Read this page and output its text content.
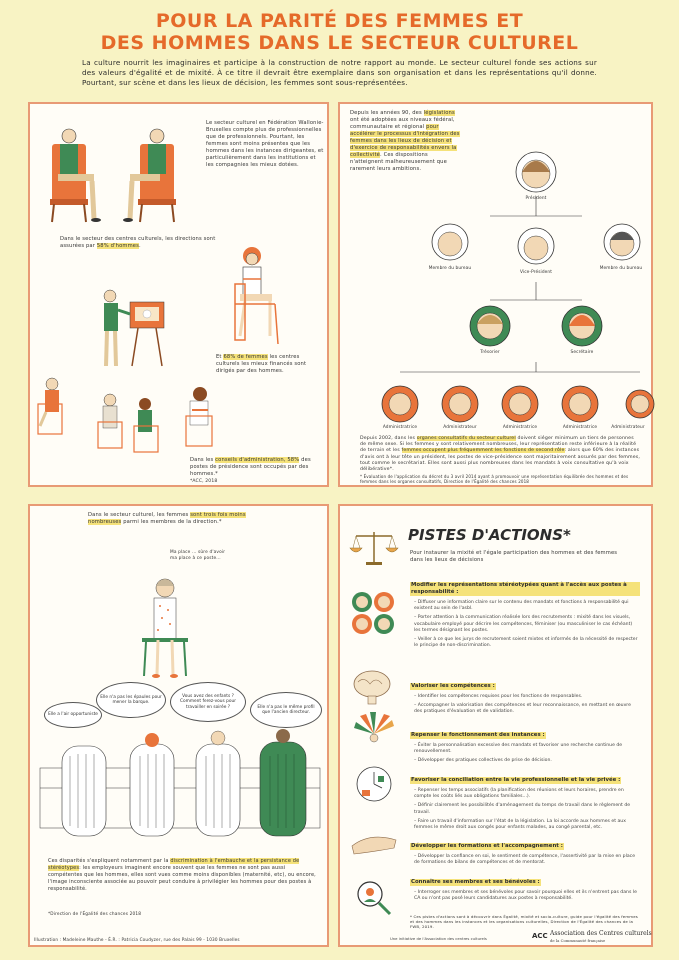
POUR LA PARITÉ DES FEMMES ET
DES HOMMES DANS LE SECTEUR CULTUREL
La culture nourrit les imaginaires et participe à la construction de notre rapport au monde. Le secteur culturel fonde ses actions sur des valeurs d'égalité et de mixité. À ce titre il devrait être exemplaire dans son organisation et dans les représentations qu'il donne. Pourtant, sur scène et dans les lieux de décision, les femmes sont sous-représentées.
Le secteur culturel en Fédération Wallonie-Bruxelles compte plus de professionnelles que de professionnels. Pourtant, les femmes sont moins présentes que les hommes dans les instances dirigeantes, et particulièrement dans les institutions et les compagnies les mieux dotées.
Dans le secteur des centres culturels, les directions sont assurées par 58% d'hommes.
Et 68% de femmes les centres culturels les mieux financés sont dirigés par des hommes.
Dans les conseils d'administration, 58% des postes de présidence sont occupés par des hommes.*
*ACC, 2018
Depuis les années 90, des législations ont été adoptées aux niveaux fédéral, communautaire et régional pour accélérer le processus d'intégration des femmes dans les lieux de décision et d'exercice de responsabilités envers la collectivité. Ces dispositions n'atteignent malheureusement que rarement leurs ambitions.
Président
Membre du bureau
Vice-Président
Membre du bureau
Trésorier	Secrétaire
Administratrice	Administrateur	Administratrice	Administratrice	Administrateur
Depuis 2002, dans les organes consultatifs du secteur culturel doivent siéger minimum un tiers de personnes de même sexe. Si les femmes y sont relativement nombreuses, leur représentation reste inférieure à la réalité de terrain et les femmes occupent plus fréquemment les fonctions de second rôle: alors que 60% des instances d'avis ont à leur tête un président, les postes de vice-présidence sont majoritairement assurés par des femmes, tout comme le secrétariat. Elles sont aussi plus nombreuses dans les mandats à voix consultative qu'à voix délibérative*.
* Évaluation de l'application du décret du 3 avril 2014 ayant à promouvoir une représentation équilibrée des hommes et des femmes dans les organes consultatifs, Direction de l'Égalité des chances 2018
Dans le secteur culturel, les femmes sont trois fois moins nombreuses parmi les membres de la direction.*
Ma place ... sûre d'avoir ma place à ce poste...
Elle a l'air opportuniste
Elle n'a pas les épaules pour mener la barque.
Vous avez des enfants ? Comment ferez-vous pour travailler en soirée ?	Elle n'a pas le même profil que l'ancien directeur.
Ces disparités s'expliquent notamment par la discrimination à l'embauche et la persistance de stéréotypes: les employeurs imaginent encore souvent que les femmes ne sont pas aussi compétentes que les hommes, elles sont vues comme moins disponibles (maternité, etc), ou encore, l'image inconsciente associée au pouvoir peut conduire à privilégier les hommes pour des postes à responsabilité.
*Direction de l'Égalité des chances 2018
Illustration : Madeleine Mauthe - É.R. : Patricia Coudyzer, rue des Palais 99 - 1030 Bruxelles
PISTES D'ACTIONS*
Pour instaurer la mixité et l'égale participation des hommes et des femmes dans les lieux de décisions
Modifier les représentations stéréotypées quant à l'accès aux postes à responsabilité :
– Diffuser une information claire sur le contenu des mandats et fonctions à responsabilité qui existent au sein de l'asbl.
– Porter attention à la communication réalisée lors des recrutements : mixité dans les visuels, vocabulaire employé pour décrire les compétences, féminiser (ou masculiniser le cas échéant) les termes désignant les postes.
– Veiller à ce que les jurys de recrutement soient mixtes et informés de la nécessité de respecter le principe de non-discrimination.
Valoriser les compétences :
– Identifier les compétences requises pour les fonctions de responsables.
– Accompagner la valorisation des compétences et leur reconnaissance, en mettant en œuvre des pratiques d'évaluation et de validation.
Repenser le fonctionnement des instances :
– Éviter la personnalisation excessive des mandats et favoriser une recherche continue de renouvellement.
– Développer des pratiques collectives de prise de décision.
Favoriser la conciliation entre la vie professionnelle et la vie privée :
– Repenser les temps associatifs (la planification des réunions et leurs horaires, prendre en compte les coûts liés aux obligations familiales...).
– Définir clairement les possibilités d'aménagement du temps de travail dans le règlement de travail.
– Faire un travail d'information sur l'état de la législation. La loi accorde aux hommes et aux femmes le même droit aux congés pour enfants malades, au congé parental, etc.
Développer les formations et l'accompagnement :
– Développer la confiance en soi, le sentiment de compétence, l'assertivité par la mise en place de formations de bilans de compétences et de mentorat.
Connaître ses membres et ses bénévoles :
– Interroger ses membres et ses bénévoles pour savoir pourquoi elles et ils n'entrent pas dans le CA ou n'ont pas posé leurs candidatures aux postes à responsabilité.
* Ces pistes d'actions sont à découvrir dans Égalité, mixité et socio-culture, guide pour l'égalité des femmes et des hommes dans les instances et les organisations culturelles, Direction de l'Égalité des chances de la FWB, 2019.
Une initiative de l'Association des centres culturels	ACC Association des Centres culturels
de la Communauté française
